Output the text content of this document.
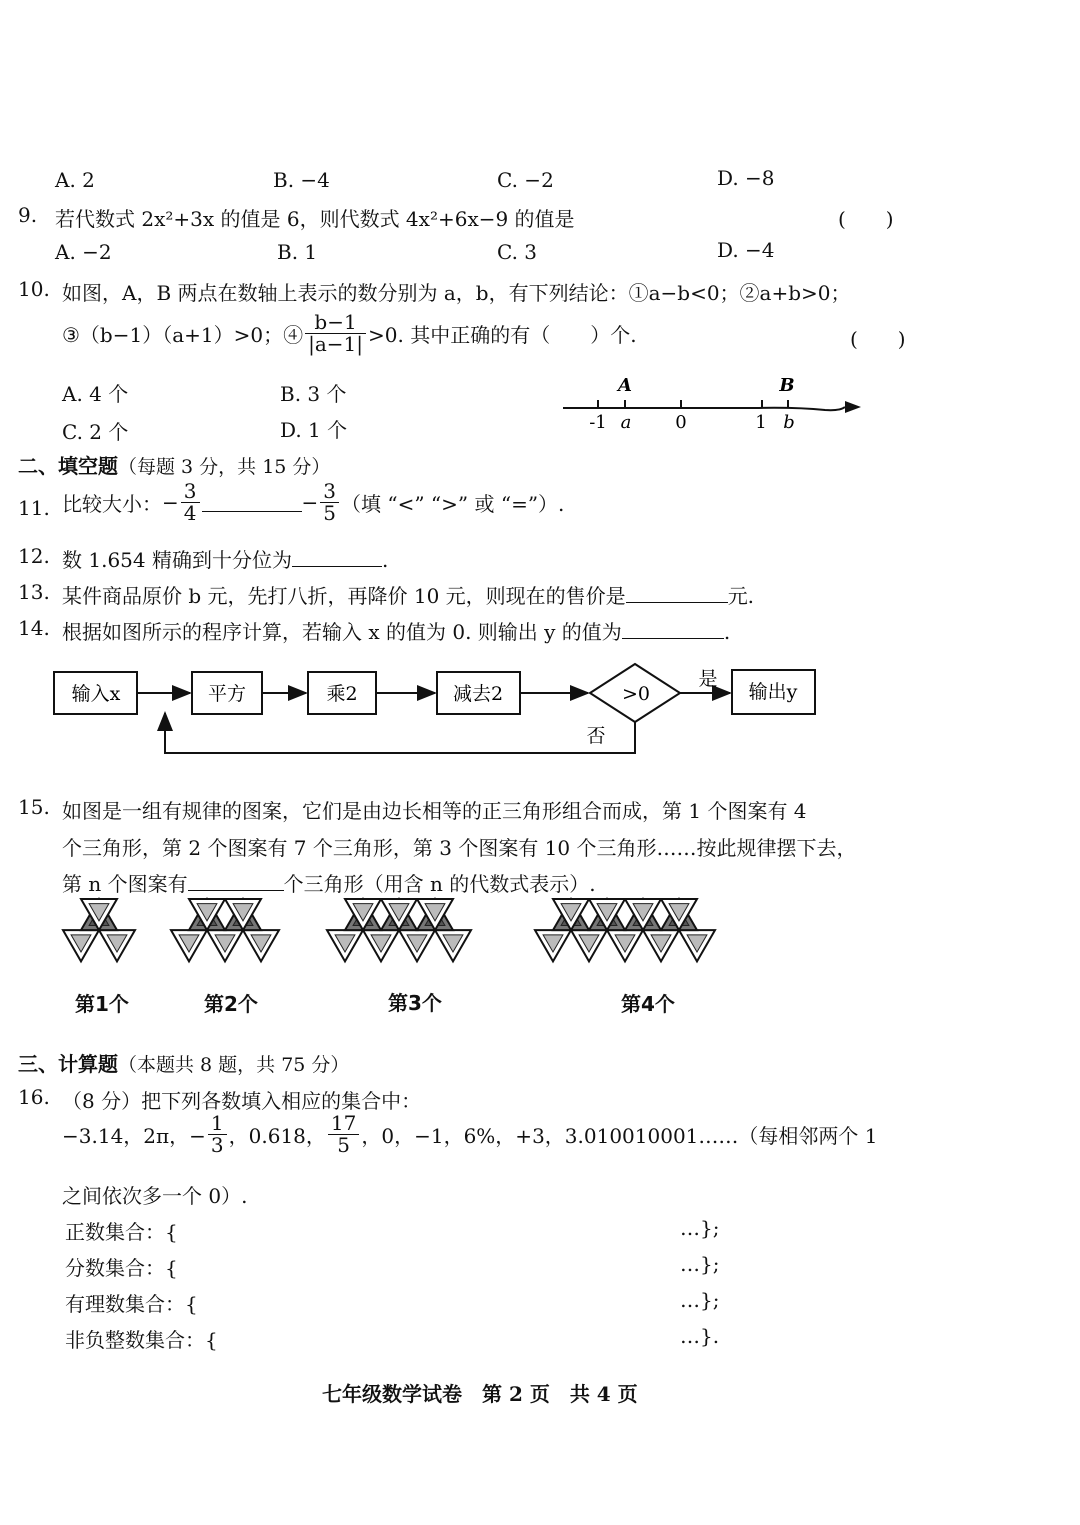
A. 2	B. −4	C. −2	D. −8
9. 若代数式 2x²+3x 的值是 6，则代数式 4x²+6x−9 的值是	(　　)
A. −2	B. 1	C. 3	D. −4
10. 如图，A，B 两点在数轴上表示的数分别为 a，b，有下列结论：①a−b<0；②a+b>0；
③（b−1）（a+1）>0；④ $\frac{b-1}{|a-1|} >0$. 其中正确的有（　　）个.	(　　)
A. 4 个	B. 3 个
C. 2 个	D. 1 个
A	B
-1 a 0	1 b
二、填空题（每题 3 分，共 15 分）
11. 比较大小：− $\frac{3}{4}$	− $\frac{3}{5}$ （填 “<” “>” 或 “=”）.
12. 数 1.654 精确到十分位为	.
13. 某件商品原价 b 元，先打八折，再降价 10 元，则现在的售价是	元.
14. 根据如图所示的程序计算，若输入 x 的值为 0. 则输出 y 的值为	.
输入x	平方	乘2	减去2	>0
是
输出y
否
15. 如图是一组有规律的图案，它们是由边长相等的正三角形组合而成，第 1 个图案有 4
个三角形，第 2 个图案有 7 个三角形，第 3 个图案有 10 个三角形……按此规律摆下去，
第 n 个图案有	个三角形（用含 n 的代数式表示）.
第1个	第2个	第3个	第4个
三、计算题（本题共 8 题，共 75 分）
16. （8 分）把下列各数填入相应的集合中：
−3.14，2π，− $\frac{1}{3}$ ，0.618， $\frac{17}{5}$ ，0，−1，6%，+3，3.010010001……（每相邻两个 1
之间依次多一个 0）.
正数集合：{	…};
分数集合：{	…};
有理数集合：{	…};
非负整数集合：{	…}.
七年级数学试卷　第 2 页　共 4 页
